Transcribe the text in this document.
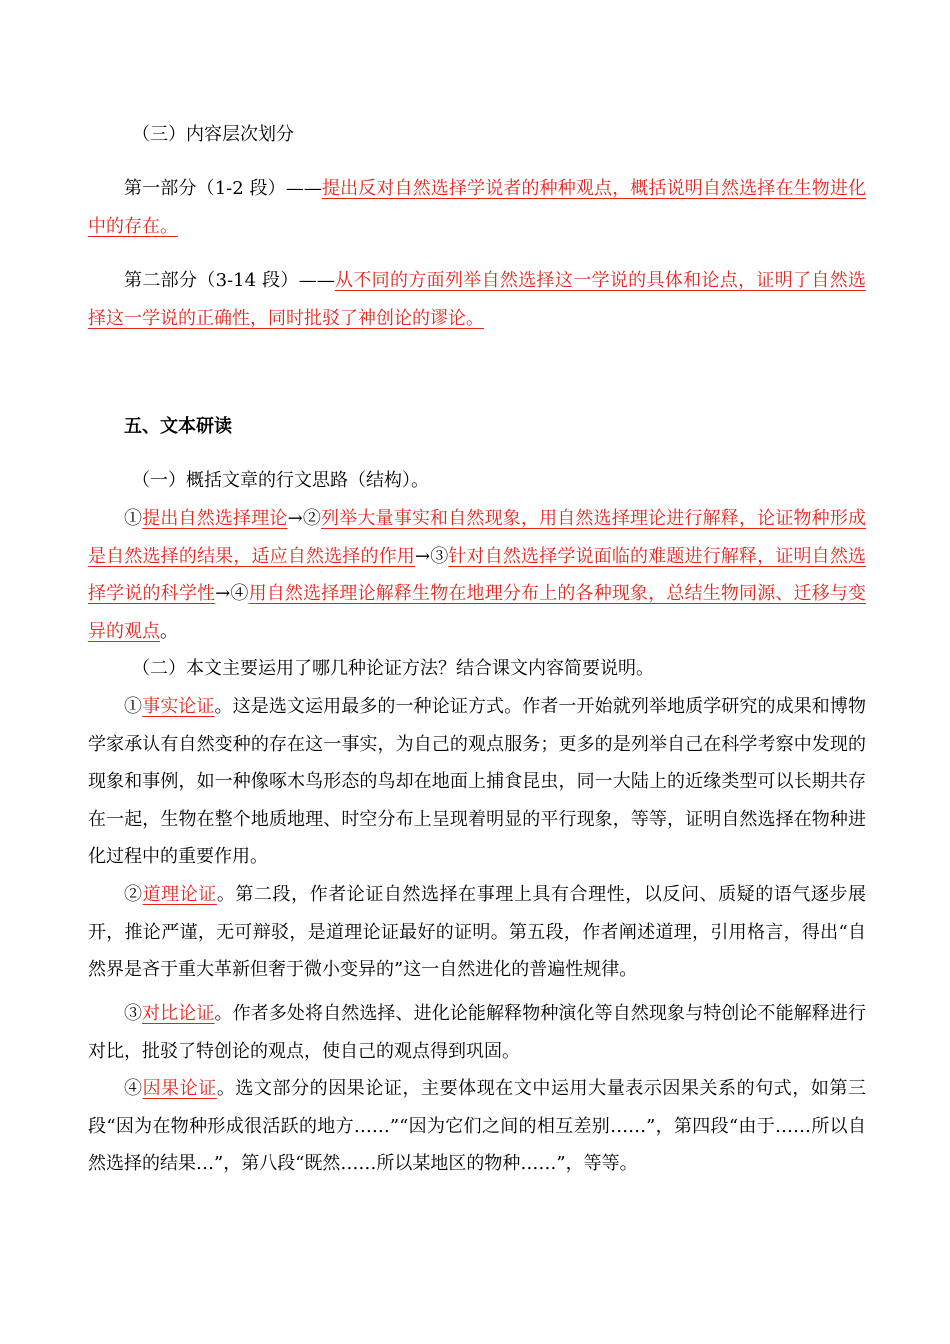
（三）内容层次划分
第一部分（1-2 段）——提出反对自然选择学说者的种种观点，概括说明自然选择在生物进化中的存在。
第二部分（3-14 段）——从不同的方面列举自然选择这一学说的具体和论点，证明了自然选择这一学说的正确性，同时批驳了神创论的谬论。
五、文本研读
（一）概括文章的行文思路（结构）。
①提出自然选择理论→②列举大量事实和自然现象，用自然选择理论进行解释，论证物种形成是自然选择的结果，适应自然选择的作用→③针对自然选择学说面临的难题进行解释，证明自然选择学说的科学性→④用自然选择理论解释生物在地理分布上的各种现象，总结生物同源、迁移与变异的观点。
（二）本文主要运用了哪几种论证方法？结合课文内容简要说明。
①事实论证。这是选文运用最多的一种论证方式。作者一开始就列举地质学研究的成果和博物学家承认有自然变种的存在这一事实，为自己的观点服务；更多的是列举自己在科学考察中发现的现象和事例，如一种像啄木鸟形态的鸟却在地面上捕食昆虫，同一大陆上的近缘类型可以长期共存在一起，生物在整个地质地理、时空分布上呈现着明显的平行现象，等等，证明自然选择在物种进化过程中的重要作用。
②道理论证。第二段，作者论证自然选择在事理上具有合理性，以反问、质疑的语气逐步展开，推论严谨，无可辩驳，是道理论证最好的证明。第五段，作者阐述道理，引用格言，得出“自然界是吝于重大革新但奢于微小变异的”这一自然进化的普遍性规律。
③对比论证。作者多处将自然选择、进化论能解释物种演化等自然现象与特创论不能解释进行对比，批驳了特创论的观点，使自己的观点得到巩固。
④因果论证。选文部分的因果论证，主要体现在文中运用大量表示因果关系的句式，如第三段“因为在物种形成很活跃的地方……”“因为它们之间的相互差别……”，第四段“由于……所以自然选择的结果…”，第八段“既然……所以某地区的物种……”，等等。
